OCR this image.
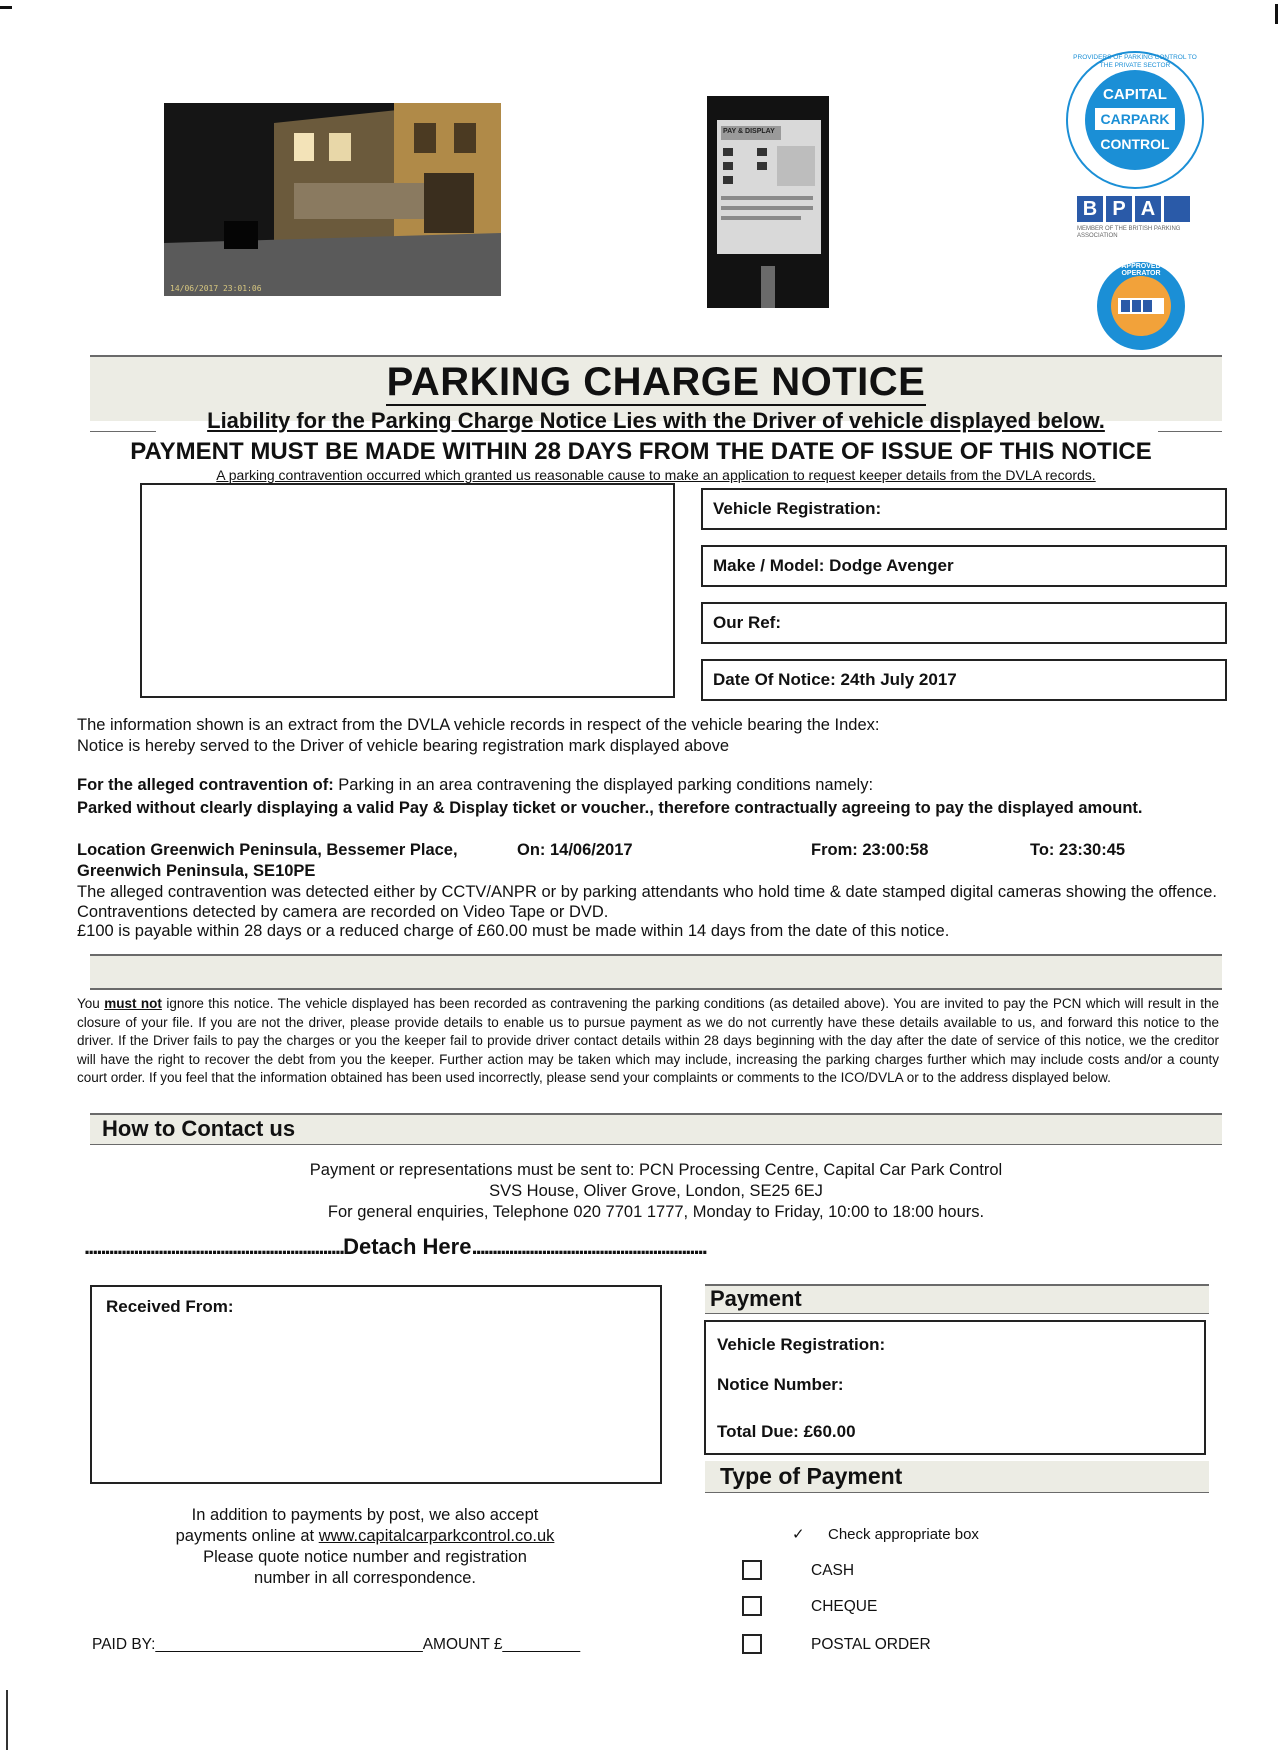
14/06/2017 23:01:06
PAY & DISPLAY
PROVIDERS OF PARKING CONTROL TO THE PRIVATE SECTOR
CAPITAL
CARPARK
CONTROL
B P A
MEMBER OF THE BRITISH PARKING ASSOCIATION
APPROVED OPERATOR
PARKING CHARGE NOTICE
Liability for the Parking Charge Notice Lies with the Driver of vehicle displayed below.
PAYMENT MUST BE MADE WITHIN 28 DAYS FROM THE DATE OF ISSUE OF THIS NOTICE
A parking contravention occurred which granted us reasonable cause to make an application to request keeper details from the DVLA records.
Vehicle Registration:
Make / Model: Dodge Avenger
Our Ref:
Date Of Notice: 24th July 2017
The information shown is an extract from the DVLA vehicle records in respect of the vehicle bearing the Index:
Notice is hereby served to the Driver of vehicle bearing registration mark displayed above
For the alleged contravention of: Parking in an area contravening the displayed parking conditions namely:
Parked without clearly displaying a valid Pay & Display ticket or voucher., therefore contractually agreeing to pay the displayed amount.
Location Greenwich Peninsula, Bessemer Place,	On: 14/06/2017	From: 23:00:58	To: 23:30:45
Greenwich Peninsula, SE10PE
The alleged contravention was detected either by CCTV/ANPR or by parking attendants who hold time & date stamped digital cameras showing the offence. Contraventions detected by camera are recorded on Video Tape or DVD.
£100 is payable within 28 days or a reduced charge of £60.00 must be made within 14 days from the date of this notice.
You must not ignore this notice. The vehicle displayed has been recorded as contravening the parking conditions (as detailed above). You are invited to pay the PCN which will result in the closure of your file. If you are not the driver, please provide details to enable us to pursue payment as we do not currently have these details available to us, and forward this notice to the driver. If the Driver fails to pay the charges or you the keeper fail to provide driver contact details within 28 days beginning with the day after the date of service of this notice, we the creditor will have the right to recover the debt from you the keeper. Further action may be taken which may include, increasing the parking charges further which may include costs and/or a county court order. If you feel that the information obtained has been used incorrectly, please send your complaints or comments to the ICO/DVLA or to the address displayed below.
How to Contact us
Payment or representations must be sent to: PCN Processing Centre, Capital Car Park Control
SVS House, Oliver Grove, London, SE25 6EJ
For general enquiries, Telephone 020 7701 1777, Monday to Friday, 10:00 to 18:00 hours.
...............................................................Detach Here.........................................................
Received From:	Payment
Vehicle Registration:
Notice Number:
Total Due: £60.00
Type of Payment
In addition to payments by post, we also accept
payments online at www.capitalcarparkcontrol.co.uk
Please quote notice number and registration
number in all correspondence.
✓ Check appropriate box
CASH
CHEQUE
POSTAL ORDER
PAID BY:_______________________________AMOUNT £_________
